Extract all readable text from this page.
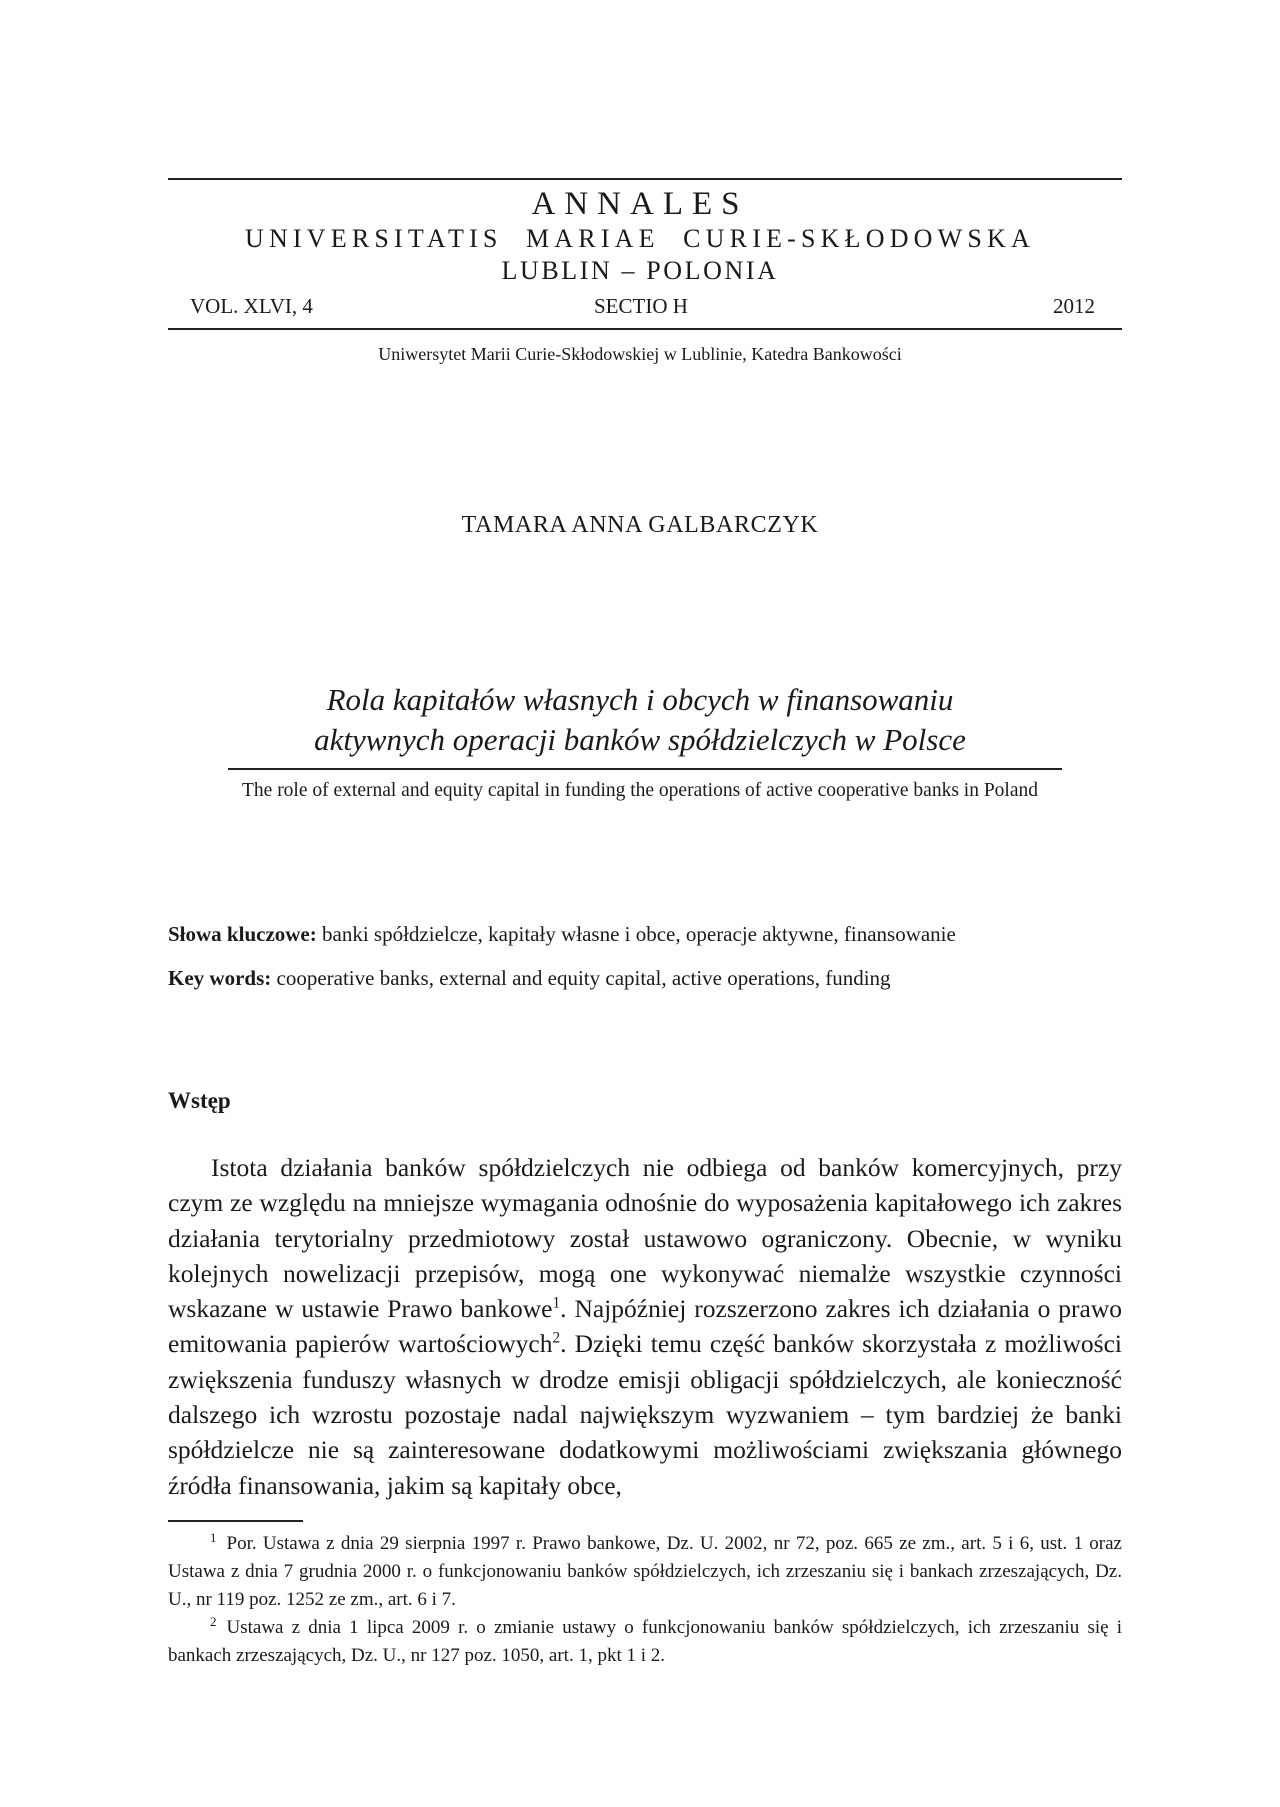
ANNALES
UNIVERSITATIS  MARIAE  CURIE-SKŁODOWSKA
LUBLIN – POLONIA
VOL. XLVI, 4	SECTIO H	2012
Uniwersytet Marii Curie-Skłodowskiej w Lublinie, Katedra Bankowości
TAMARA ANNA GALBARCZYK
Rola kapitałów własnych i obcych w finansowaniu
aktywnych operacji banków spółdzielczych w Polsce
The role of external and equity capital in funding the operations of active cooperative banks in Poland
Słowa kluczowe: banki spółdzielcze, kapitały własne i obce, operacje aktywne, finansowanie
Key words: cooperative banks, external and equity capital, active operations, funding
Wstęp

Istota działania banków spółdzielczych nie odbiega od banków komercyjnych, przy czym ze względu na mniejsze wymagania odnośnie do wyposażenia kapitałowego ich zakres działania terytorialny przedmiotowy został ustawowo ograniczony. Obecnie, w wyniku kolejnych nowelizacji przepisów, mogą one wykonywać niemalże wszystkie czynności wskazane w ustawie Prawo bankowe$^1$. Najpóźniej rozszerzono zakres ich działania o prawo emitowania papierów wartościowych$^2$. Dzięki temu część banków skorzystała z możliwości zwiększenia funduszy własnych w drodze emisji obligacji spółdzielczych, ale konieczność dalszego ich wzrostu pozostaje nadal największym wyzwaniem – tym bardziej że banki spółdzielcze nie są zainteresowane dodatkowymi możliwościami zwiększania głównego źródła finansowania, jakim są kapitały obce,

$^1$ Por. Ustawa z dnia 29 sierpnia 1997 r. Prawo bankowe, Dz. U. 2002, nr 72, poz. 665 ze zm., art. 5 i 6, ust. 1 oraz Ustawa z dnia 7 grudnia 2000 r. o funkcjonowaniu banków spółdzielczych, ich zrzeszaniu się i bankach zrzeszających, Dz. U., nr 119 poz. 1252 ze zm., art. 6 i 7.

$^2$ Ustawa z dnia 1 lipca 2009 r. o zmianie ustawy o funkcjonowaniu banków spółdzielczych, ich zrzeszaniu się i bankach zrzeszających, Dz. U., nr 127 poz. 1050, art. 1, pkt 1 i 2.
